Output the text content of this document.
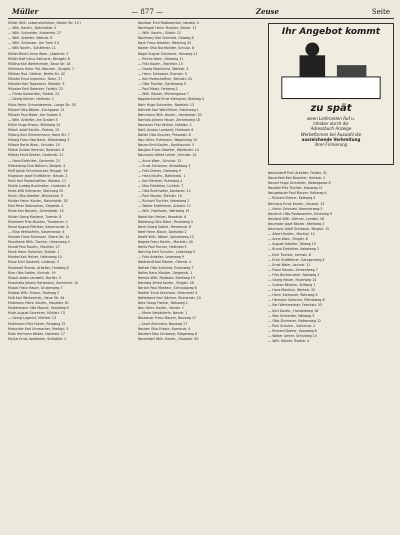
Müller	— 877 —	Zeuse	Seite

Müller Wilh. Lokomotivführer, Nieder Str. 13 I

— Wilh. Kaufm., Bahnhofstr. 5

— Wilh. Schneider, Kronenstr. 27

— Wilh. Arbeiter, Weinstr. 6

— Wilh. Schlosser, Am Turm 4 II

— Willi Kaufm., Schäferstr. 11

Müller-Bleich Anna Wwe., Löwenstr. 2

Müller-Hoff Julius Zahnarzt, Königstr. 8

Mülling Karl Werkmeister, Neue Str. 18

Müllmann Heinr. Pol.-Wachtm., Burgstr. 7

Müllner Rud. Gärtner, Breite Str. 42

Mündel Ernst Ingenieur, Talstr. 3 I

Mündler Karl Tapezierer, Marktpl. 9

Münster Emil Beamter, Feldstr. 22

— Frieda Kontoristin, Feldstr. 22

— Georg Kellner, Hafenstr. 1

Münz Heinr. Schneidermstr., Lange Str. 30

Münzel Otto Bäcker, Kirchgasse 12

Münzer Paul Maler, Am Graben 5

— Wilh. Arbeiter, Am Graben 5

Mürle Hugo Friseur, Mühlweg 14

Müsch Adolf Kaufm., Parkstr. 19

Müsing Karl Zimmermann, Hohe Str. 7

Müssig Franz Fabrikarb., Wiesenweg 3

Müssle Berta Wwe., Schulstr. 10

Mütze Gustav Rentner, Rosenstr. 8

Mützel Ernst Dreher, Gartenstr. 21

— Hans Elektriker, Gartenstr. 21

Mützelburg Else Näherin, Bergstr. 4

Muff Jakob Schuhmacher, Ringstr. 16

Mugrauer Josef Kraftfahrer, Neustr. 2

Muhl Karl Postschaffner, Waldstr. 11

Muhle Ludwig Buchhalter, Lindenstr. 6

Muhs Willi Klempner, Steinweg 25

Mulch Otto Arbeiter, Brückenstr. 9

Mulder Heinr. Kaufm., Bahnhofstr. 33

Mull Peter Steinsetzer, Ziegelstr. 4

Mulla Karl Bauarb., Schmiedstr. 15

Muller Georg Monteur, Turmstr. 8

Mummert Fritz Musiker, Theaterstr. 2

Mund August Pförtner, Kasernenstr. 6

— Elise Verkäuferin, Kasernenstr. 6

Munder Hans Schlosser, Obere Str. 14

Mundhenk Wilh. Tischler, Ulmenweg 3

Mundt Paul Kaufm., Marktstr. 27

Munk Heinr. Kutscher, Stallstr. 1

Munkel Karl Heizer, Hafenweg 10

Munz Emil Gastwirt, Lindenpl. 5

Murawski Stanisl. Arbeiter, Feldweg 8

Murr Otto Sattler, Kirchstr. 19

Musch Adam Landwirt, Dorfstr. 3

Muschalla Johann Bergmann, Zechenstr. 12

Musiol Franz Hauer, Grubenweg 7

Muskat Wilh. Friseur, Postweg 2

Muß Karl Bäckermstr., Neue Str. 44

Mußmann Heinr. Kaufm., Hauptstr. 61

Mustermann Otto Maurer, Sandweg 9

Muth August Schreiner, Mühlstr. 13

— Georg Lagerist, Mühlstr. 13

Muthmann Fritz Fahrer, Ringweg 22

Mutschler Karl Uhrmacher, Marktpl. 3

Mutz Hermann Weber, Fabrikstr. 17

Mylius Ernst Apotheker, Schloßstr. 1

Nachbar Emil Postbeamter, Nordstr. 4

Nachtigall Heinr. Musiker, Südstr. 12

— Wilh. Kaufm., Südstr. 12

Nachtwey Karl Schmied, Ostweg 8

Nack Franz Arbeiter, Westring 20

Nadler Otto Buchbinder, Schulpl. 6

Nagel August Zimmerer, Holzweg 11

— Emma Wwe., Holzweg 11

— Fritz Kaufm., Marktstr. 15

— Georg Maschinist, Werkstr. 3

— Heinr. Schlosser, Eisenstr. 9

— Karl Postschaffner, Bahnstr. 24

— Otto Tischler, Gartenweg 5

— Paul Maler, Farbweg 2

— Wilh. Bäcker, Mühlengasse 7

Nagelschmidt Ernst Klempner, Bleiweg 4

Nahr Hugo Schneider, Nadelstr. 13

Nahrath Karl Werkführer, Fabrikweg 1

Nahrmann Wilh. Kaufm., Handelsstr. 30

Namislo Johann Hauer, Zechenweg 18

Nassauer Fritz Kellner, Hotelstr. 2

Nath Gustav Landwirt, Feldmark 6

Natter Otto Drucker, Pressestr. 8

Nau Heinr. Fuhrmann, Wagenweg 10

Nauen Emil Kaufm., Kaufhausstr. 5

Naujoks Franz Arbeiter, Weidenstr. 14

Naumann Alfred Lehrer, Schulstr. 22

— Anna Wwe., Schulstr. 22

— Ernst Schlosser, Amboßweg 3

— Fritz Dreher, Drehweg 9

— Hans Kaufm., Bahnhofpl. 1

— Karl Rentner, Ruheweg 4

— Max Elektriker, Lichtstr. 7

— Otto Buchhalter, Kontorstr. 12

— Paul Maurer, Steinstr. 16

— Richard Tischler, Hobelweg 2

— Walter Kraftfahrer, Autostr. 11

— Wilh. Fabrikarb., Werkweg 19

Nebel Karl Heizer, Kesselstr. 6

Nebelung Otto Maler, Pinselweg 3

Neck Georg Sattler, Riemenstr. 8

Neef Heinr. Bauer, Dorfplatz 2

Neefe Wilh. Weber, Spindelweg 13

Negele Franz Kaufm., Marktstr. 40

Nehls Paul Fischer, Hafenkai 5

Nehring Emil Schuhm., Lederweg 9

— Fritz Arbeiter, Lederweg 9

Neidhardt Karl Bäcker, Ofenstr. 4

Neitzel Otto Schmied, Essenweg 7

Nelles Hans Musiker, Geigenstr. 1

Nemitz Wilh. Postbote, Briefweg 15

Nentwig Alfred Kaufm., Ringstr. 28

Nerlich Paul Monteur, Schraubweg 6

Nestler Ernst Drechsler, Holzmarkt 3

Nettelbeck Karl Gärtner, Blumenstr. 10

Netz Georg Fischer, Netzweg 2

Neu Heinr. Kaufm., Neustr. 1

— Marie Verkäuferin, Neustr. 1

Neubauer Franz Maurer, Bauweg 17

— Josef Zimmerer, Bauweg 17

Neuber Otto Friseur, Kammstr. 4

Neubert Max Schlosser, Riegelweg 8

Neuendorf Wilh. Kaufm., Hauptstr. 90

Ihr Angebot kommt
zu spät
wenn Lieferanten Ruf u.
Inhaber durch die
Adressbuch Anzeige
Werbeformen bei Auswahl die
ausreichende Verbreitung
ihrer Firmierung

Neuendorff Emil Arbeiter, Feldstr. 31

Neuenfeld Karl Beamter, Amtsstr. 2

Neuert Hugo Schneider, Webergasse 6

Neufeld Fritz Tischler, Holzweg 21

Neugebauer Paul Maurer, Kalkweg 4

— Richard Dreher, Kalkweg 4

Neuhaus Ernst Kaufm., Hausstr. 13

— Heinr. Schmied, Hammerweg 5

Neukirch Otto Postbeamter, Kirchweg 9

Neuland Wilh. Gärtner, Landstr. 26

Neumaier Josef Bäcker, Mehlweg 3

Neumann Adolf Schlosser, Bergstr. 15

— Albert Kaufm., Marktpl. 12

— Anna Wwe., Ringstr. 6

— August Arbeiter, Talweg 19

— Bruno Elektriker, Kabelweg 2

— Emil Tischler, Leimstr. 8

— Erich Kraftfahrer, Garagenweg 4

— Ernst Maler, Lackstr. 11

— Franz Maurer, Zementweg 7

— Fritz Buchdrucker, Satzweg 3

— Georg Heizer, Feuerweg 14

— Gustav Rentner, Stillweg 1

— Hans Monteur, Werkstr. 20

— Heinr. Klempner, Rohrweg 9

— Hermann Kutscher, Pferdeweg 6

— Karl Werkmeister, Fabrikstr. 33

— Kurt Kaufm., Handelsweg 18

— Max Schneider, Nähweg 5

— Otto Zimmerer, Balkenweg 12

— Paul Schuhm., Sohlenstr. 2

— Richard Dreher, Spanweg 8

— Walter Lehrer, Schulweg 10

— Wilh. Bäcker, Brotstr. 4
